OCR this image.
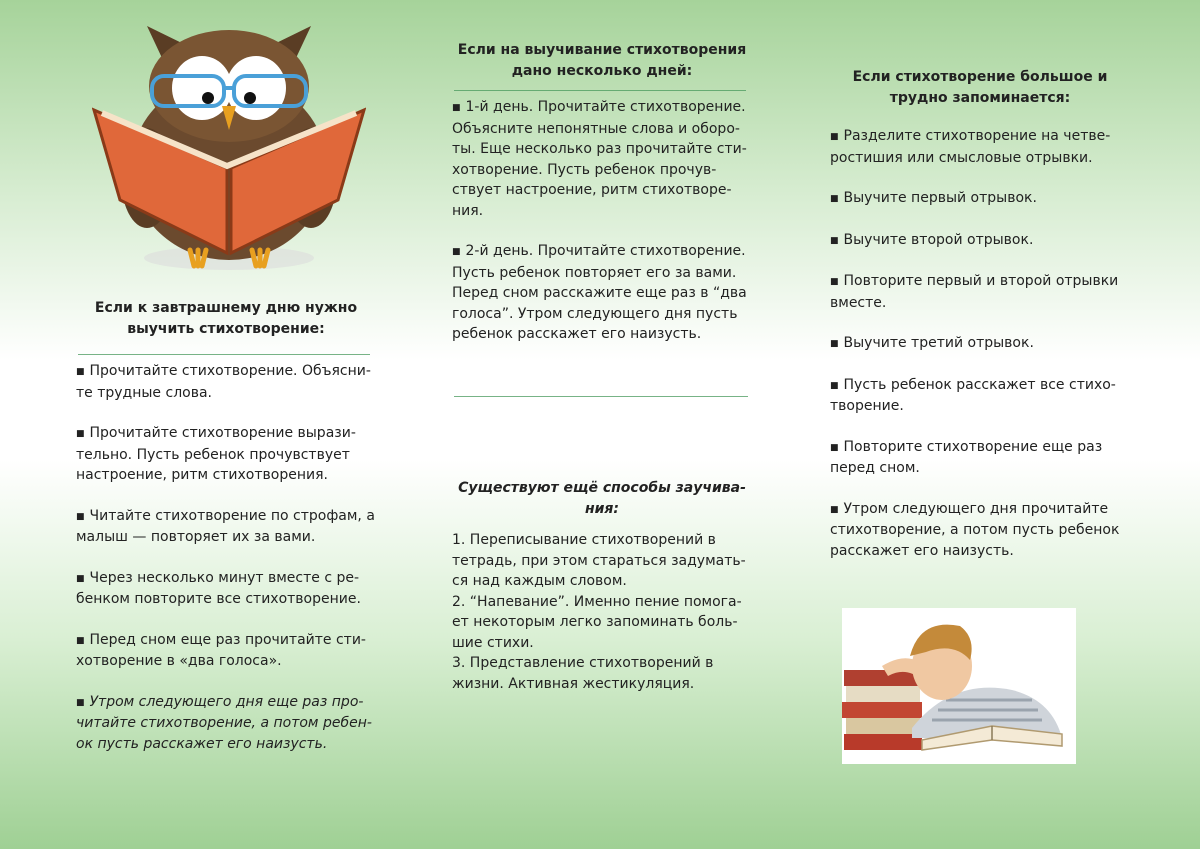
Если к завтрашнему дню нужно выучить стихотворение:
■ Прочитайте стихотворение. Объясни-те трудные слова.
■ Прочитайте стихотворение вырази-тельно. Пусть ребенок прочувствует настроение, ритм стихотворения.
■ Читайте стихотворение по строфам, а малыш — повторяет их за вами.
■ Через несколько минут вместе с ре-бенком повторите все стихотворение.
■ Перед сном еще раз прочитайте сти-хотворение в «два голоса».
■ Утром следующего дня еще раз про-читайте стихотворение, а потом ребен-ок пусть расскажет его наизусть.
Если на выучивание стихотворения дано несколько дней:
■ 1-й день. Прочитайте стихотворение. Объясните непонятные слова и оборо-ты. Еще несколько раз прочитайте сти-хотворение. Пусть ребенок прочув-ствует настроение, ритм стихотворе-ния.
■ 2-й день. Прочитайте стихотворение. Пусть ребенок повторяет его за вами. Перед сном расскажите еще раз в “два голоса”. Утром следующего дня пусть ребенок расскажет его наизусть.
Существуют ещё способы заучива-ния:
1. Переписывание стихотворений в тетрадь, при этом стараться задумать-ся над каждым словом.
2. “Напевание”. Именно пение помога-ет некоторым легко запоминать боль-шие стихи.
3. Представление стихотворений в жизни. Активная жестикуляция.
Если стихотворение большое и трудно запоминается:
■ Разделите стихотворение на четве-ростишия или смысловые отрывки.
■ Выучите первый отрывок.
■ Выучите второй отрывок.
■ Повторите первый и второй отрывки вместе.
■ Выучите третий отрывок.
■ Пусть ребенок расскажет все стихо-творение.
■ Повторите стихотворение еще раз перед сном.
■ Утром следующего дня прочитайте стихотворение, а потом пусть ребенок расскажет его наизусть.
